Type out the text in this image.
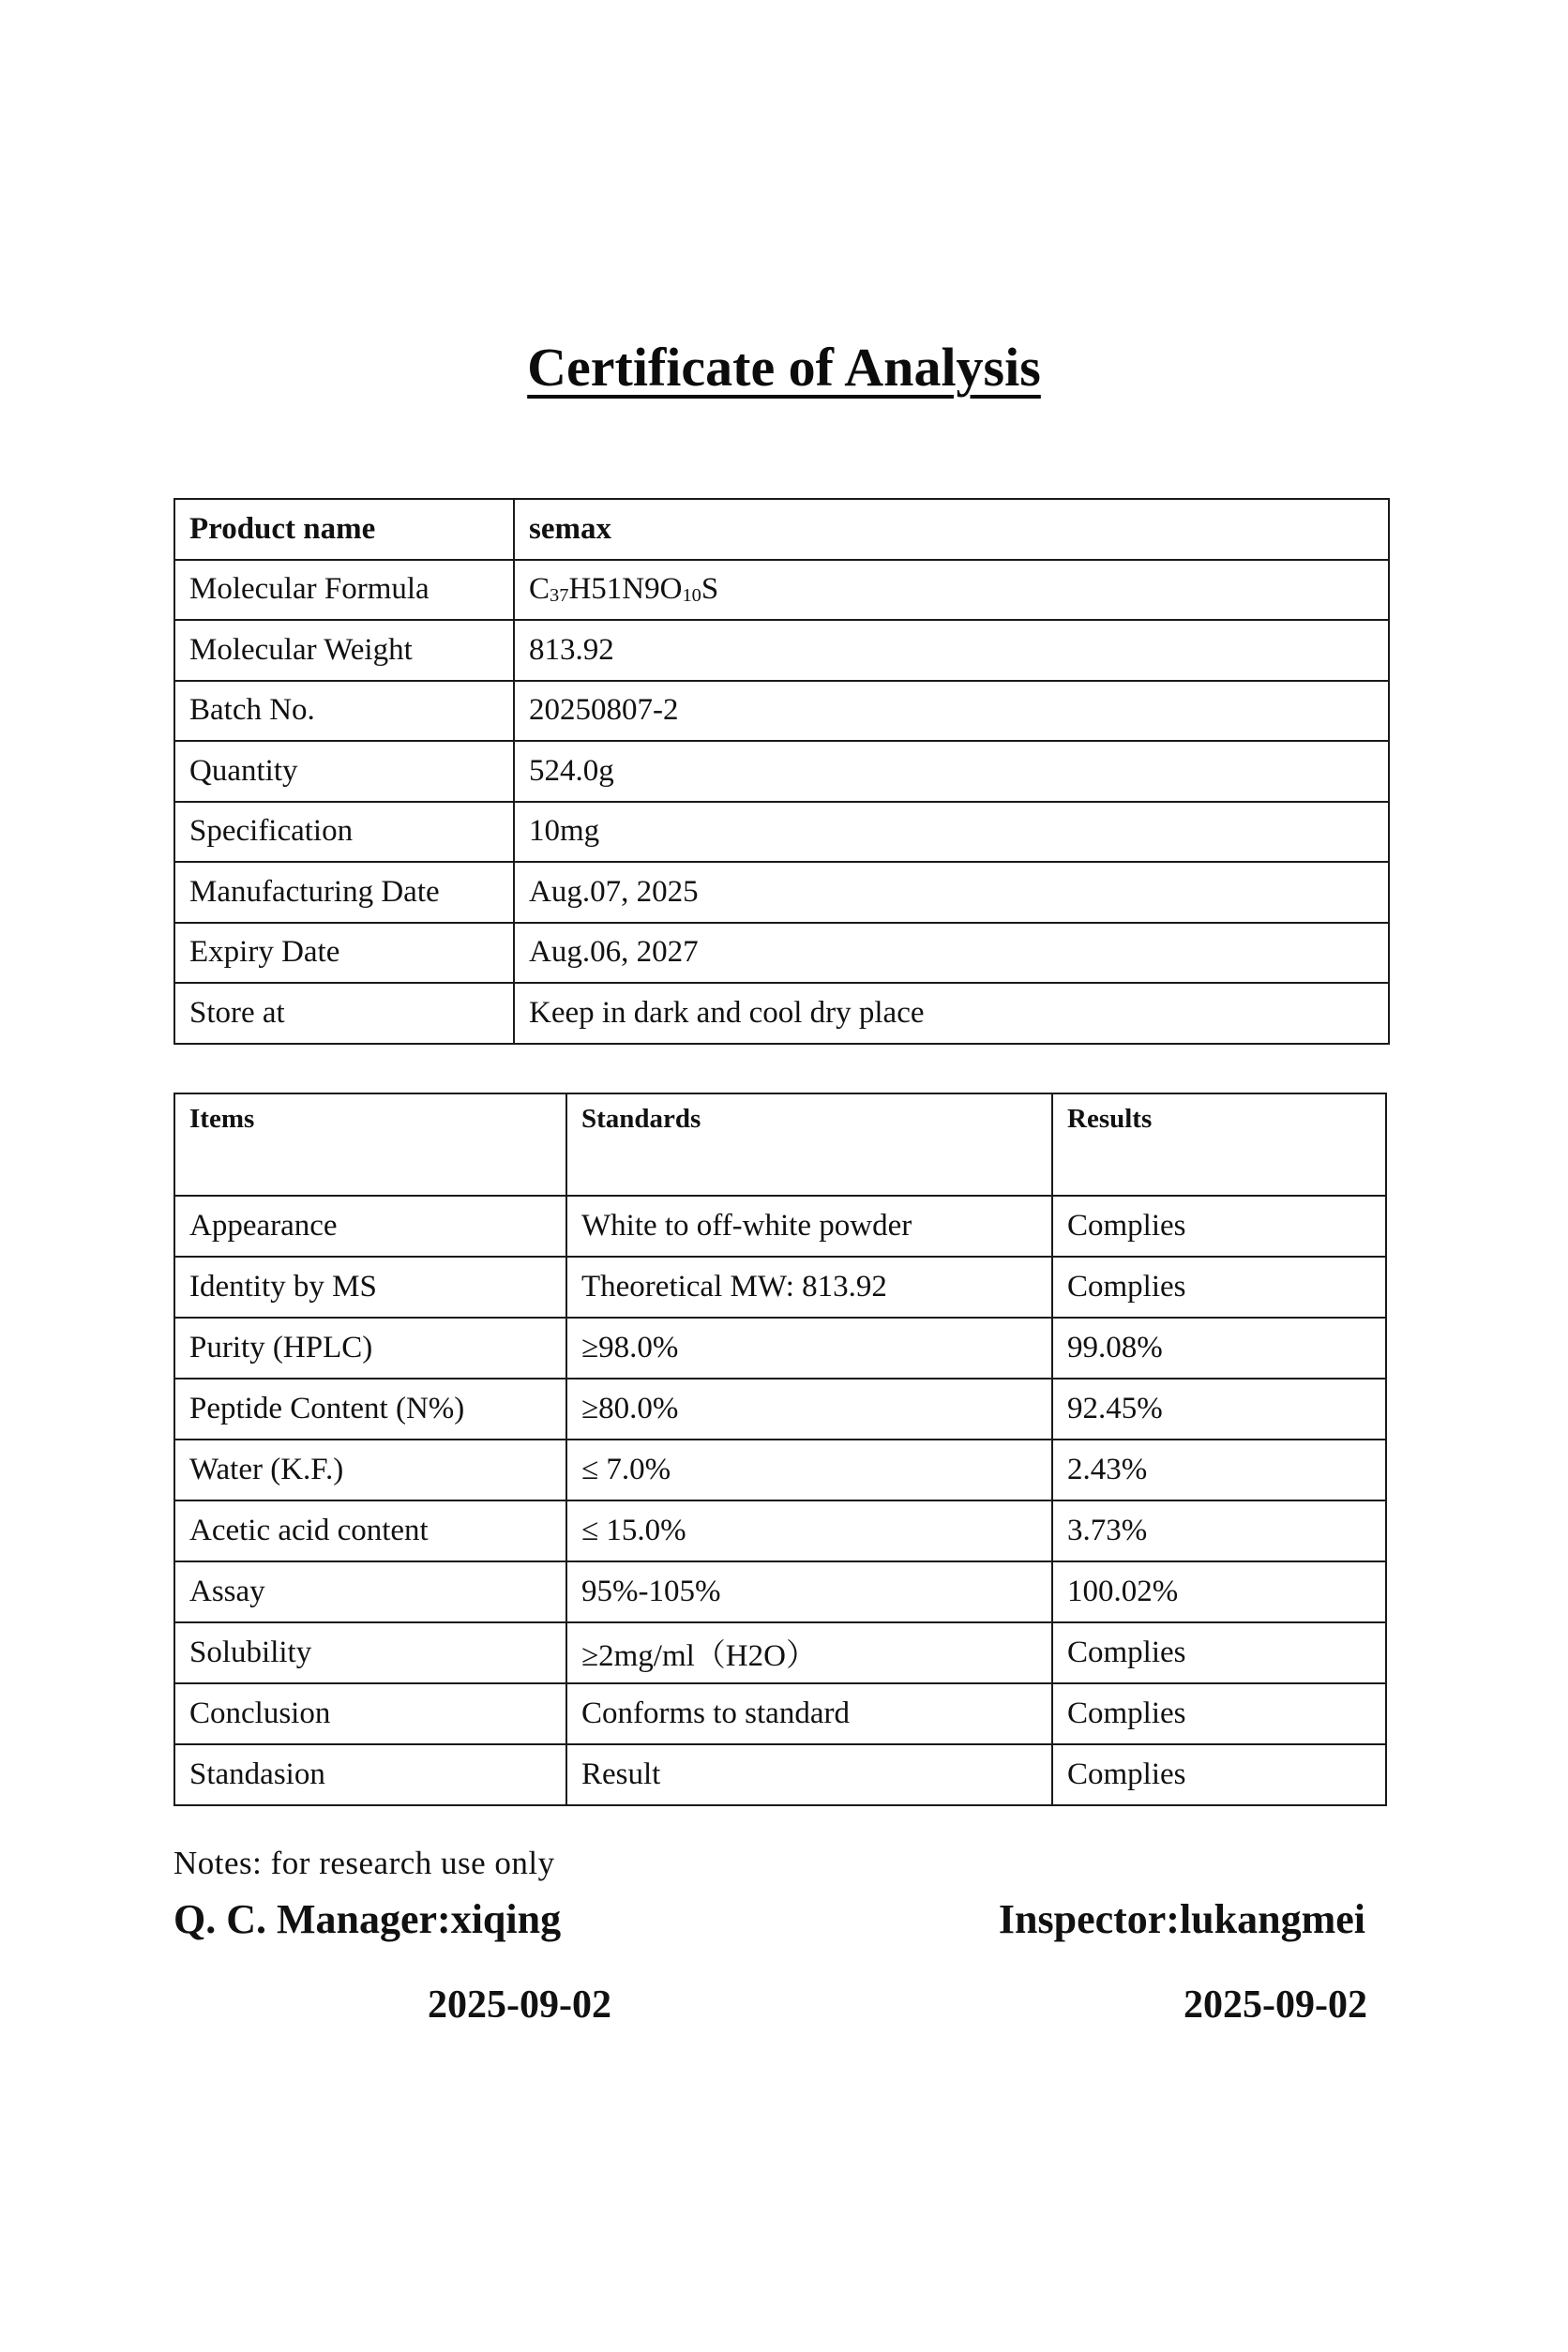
Certificate of Analysis
Product name	semax
Molecular Formula	C37H51N9O10S
Molecular Weight	813.92
Batch No.	20250807-2
Quantity	524.0g
Specification	10mg
Manufacturing Date	Aug.07, 2025
Expiry Date	Aug.06, 2027
Store at	Keep in dark and cool dry place
Items	Standards	Results
Appearance	White to off-white powder	Complies
Identity by MS	Theoretical MW: 813.92	Complies
Purity (HPLC)	≥98.0%	99.08%
Peptide Content (N%)	≥80.0%	92.45%
Water (K.F.)	≤ 7.0%	2.43%
Acetic acid content	≤ 15.0%	3.73%
Assay	95%-105%	100.02%
Solubility	≥2mg/ml（H2O）	Complies
Conclusion	Conforms to standard	Complies
Standasion	Result	Complies
Notes: for research use only
Q. C. Manager:xiqing	Inspector:lukangmei
2025-09-02	2025-09-02
